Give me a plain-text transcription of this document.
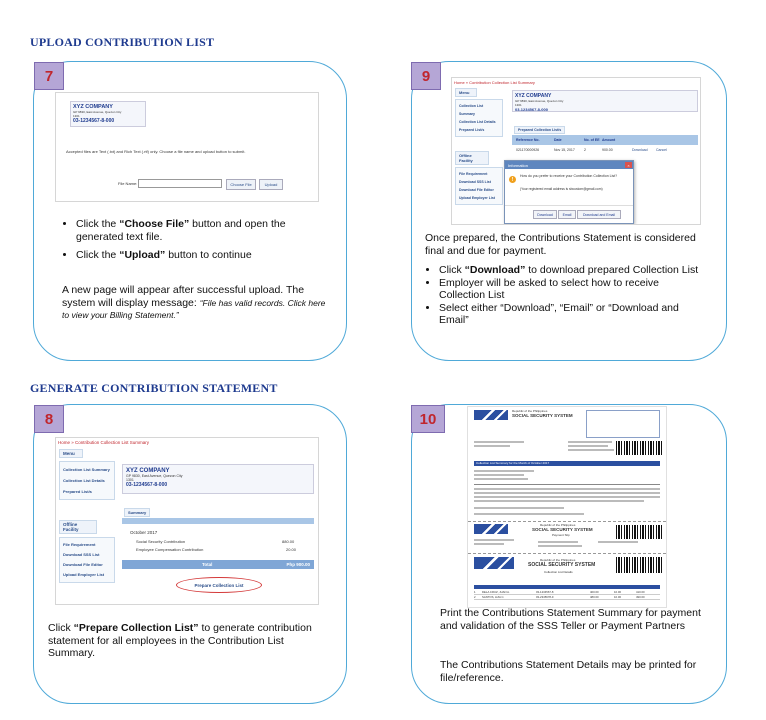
UPLOAD CONTRIBUTION LIST
GENERATE CONTRIBUTION STATEMENT
7
XYZ COMPANY
GP 9830, East Avenue, Quezon City
1301
03-1234567-8-000
Accepted files are Text (.txt) and Rich Text (.rtf) only. Choose a file name and upload button to submit.
File Name:	Choose File	Upload
• Click the “Choose File” button and open the generated text file.
• Click the “Upload” button to continue
A new page will appear after successful upload. The system will display message: “File has valid records. Click here to view your Billing Statement.”
9	Home » Contribution Collection List Summary
Menu
Collection List Summary
Collection List Details
Prepared List/s
Offline Facility
File Requirement
Download SSS List
Download File Editor
Upload Employer List
XYZ COMPANY
GP 9830, East Avenue, Quezon City
1301
03-1234567-8-000
Prepared Collection List/s
Reference No.	Date	No. of EE Amount
021170000926	Nov 15, 2017	2	900.00	Download	Cancel
Information	×
!
How do you prefer to receive your Contribution Collection List?
(Your registered email address is sbcustom@gmail.com)
Download	Email	Download and Email
Once prepared, the Contributions Statement is considered final and due for payment.
• Click “Download” to download prepared Collection List
• Employer will be asked to select how to receive Collection List
• Select either “Download”, “Email” or “Download and Email”
8
Home » Contribution Collection List Summary
Menu
Collection List Summary
Collection List Details
Prepared List/s
Offline Facility
File Requirement
Download SSS List
Download File Editor
Upload Employer List
XYZ COMPANY
GP 9830, East Avenue, Quezon City
1301
03-1234567-8-000
Summary
October 2017
Social Security Contribution	880.00
Employee Compensation Contribution	20.00
Total	Php 900.00
Prepare Collection List
Click “Prepare Collection List” to generate contribution statement for all employees in the Contribution List Summary.
10	Republic of the Philippines
SOCIAL SECURITY SYSTEM
Collection List Summary for the Month of October 2017
Republic of the Philippines
SOCIAL SECURITY SYSTEM
Payment Slip
Republic of the Philippines
SOCIAL SECURITY SYSTEM
Collection List Details
1	DELA CRUZ, JUAN A.	03-1234567-8	400.00	10.00	410.00
2	SANTOS, LIZA C.	03-2345678-9	480.00	10.00	490.00
Print the Contributions Statement Summary for payment and validation of the SSS Teller or Payment Partners
The Contributions Statement Details may be printed for file/reference.
